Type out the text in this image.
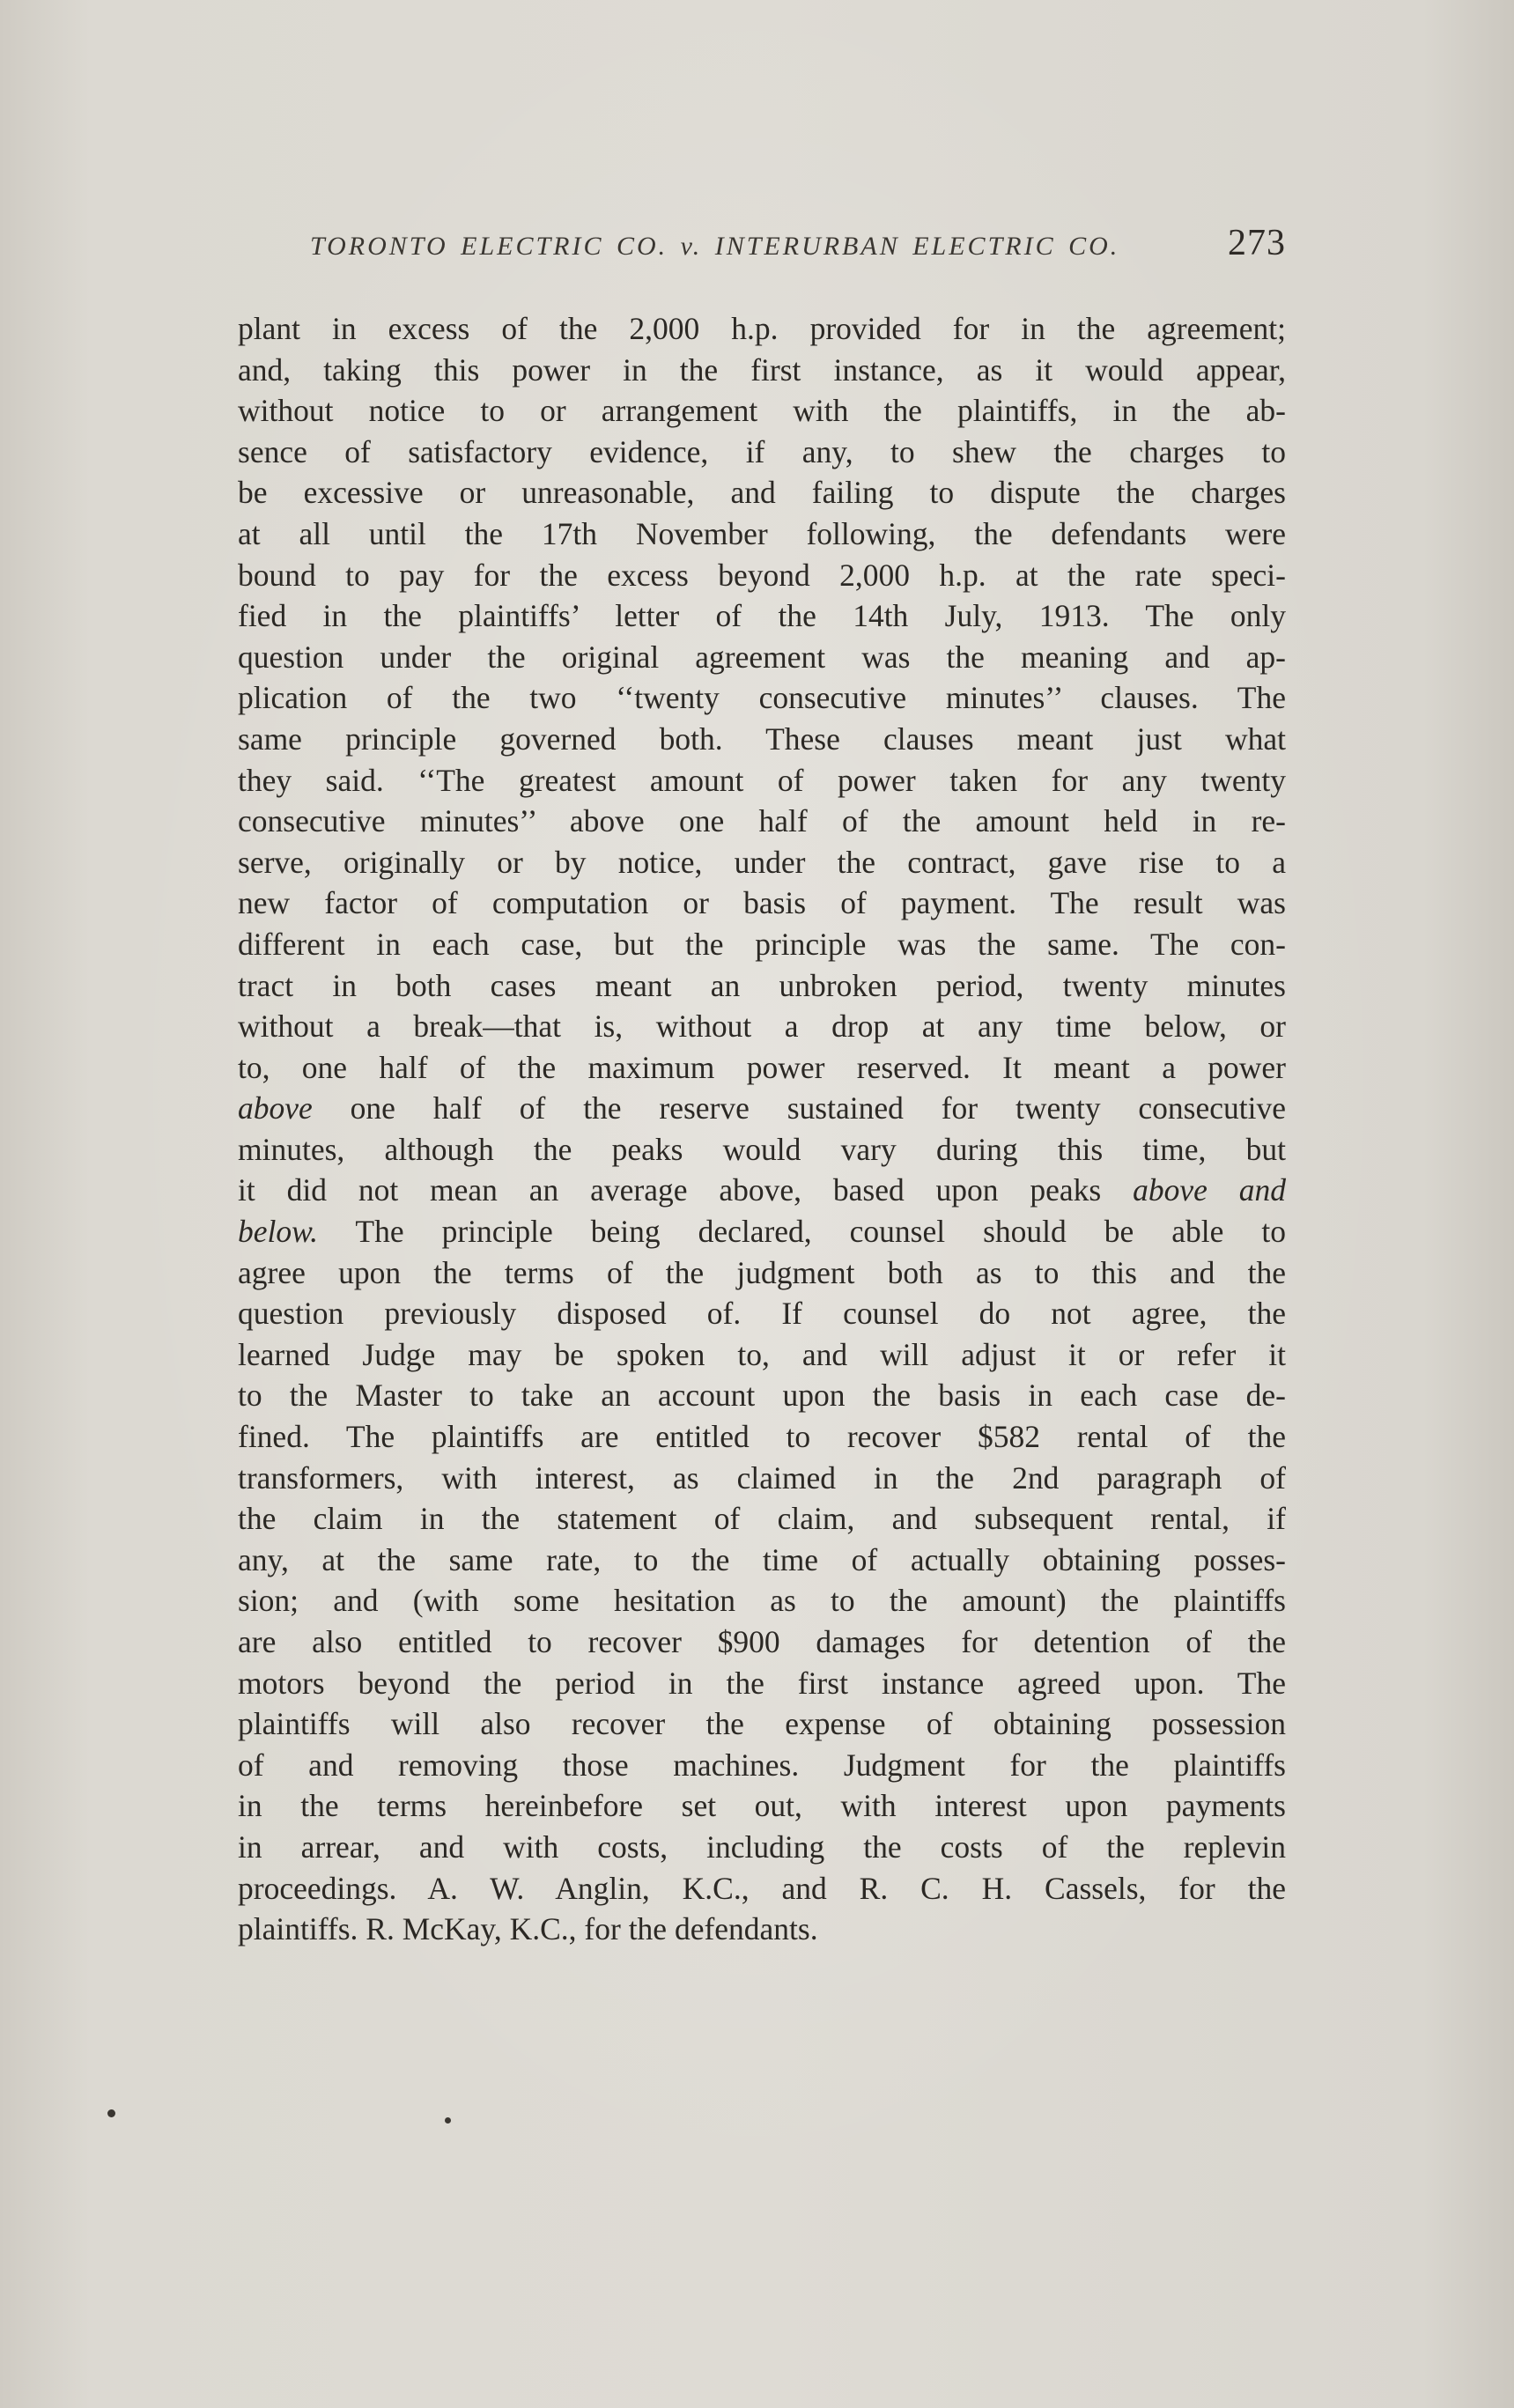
TORONTO ELECTRIC CO. v. INTERURBAN ELECTRIC CO.	273
plant in excess of the 2,000 h.p. provided for in the agreement;
and, taking this power in the first instance, as it would appear,
without notice to or arrangement with the plaintiffs, in the ab-
sence of satisfactory evidence, if any, to shew the charges to
be excessive or unreasonable, and failing to dispute the charges
at all until the 17th November following, the defendants were
bound to pay for the excess beyond 2,000 h.p. at the rate speci-
fied in the plaintiffs’ letter of the 14th July, 1913. The only
question under the original agreement was the meaning and ap-
plication of the two ‘‘twenty consecutive minutes’’ clauses. The
same principle governed both. These clauses meant just what
they said. ‘‘The greatest amount of power taken for any twenty
consecutive minutes’’ above one half of the amount held in re-
serve, originally or by notice, under the contract, gave rise to a
new factor of computation or basis of payment. The result was
different in each case, but the principle was the same. The con-
tract in both cases meant an unbroken period, twenty minutes
without a break—that is, without a drop at any time below, or
to, one half of the maximum power reserved. It meant a power
above one half of the reserve sustained for twenty consecutive
minutes, although the peaks would vary during this time, but
it did not mean an average above, based upon peaks above and
below. The principle being declared, counsel should be able to
agree upon the terms of the judgment both as to this and the
question previously disposed of. If counsel do not agree, the
learned Judge may be spoken to, and will adjust it or refer it
to the Master to take an account upon the basis in each case de-
fined. The plaintiffs are entitled to recover $582 rental of the
transformers, with interest, as claimed in the 2nd paragraph of
the claim in the statement of claim, and subsequent rental, if
any, at the same rate, to the time of actually obtaining posses-
sion; and (with some hesitation as to the amount) the plaintiffs
are also entitled to recover $900 damages for detention of the
motors beyond the period in the first instance agreed upon. The
plaintiffs will also recover the expense of obtaining possession
of and removing those machines. Judgment for the plaintiffs
in the terms hereinbefore set out, with interest upon payments
in arrear, and with costs, including the costs of the replevin
proceedings. A. W. Anglin, K.C., and R. C. H. Cassels, for the
plaintiffs. R. McKay, K.C., for the defendants.
